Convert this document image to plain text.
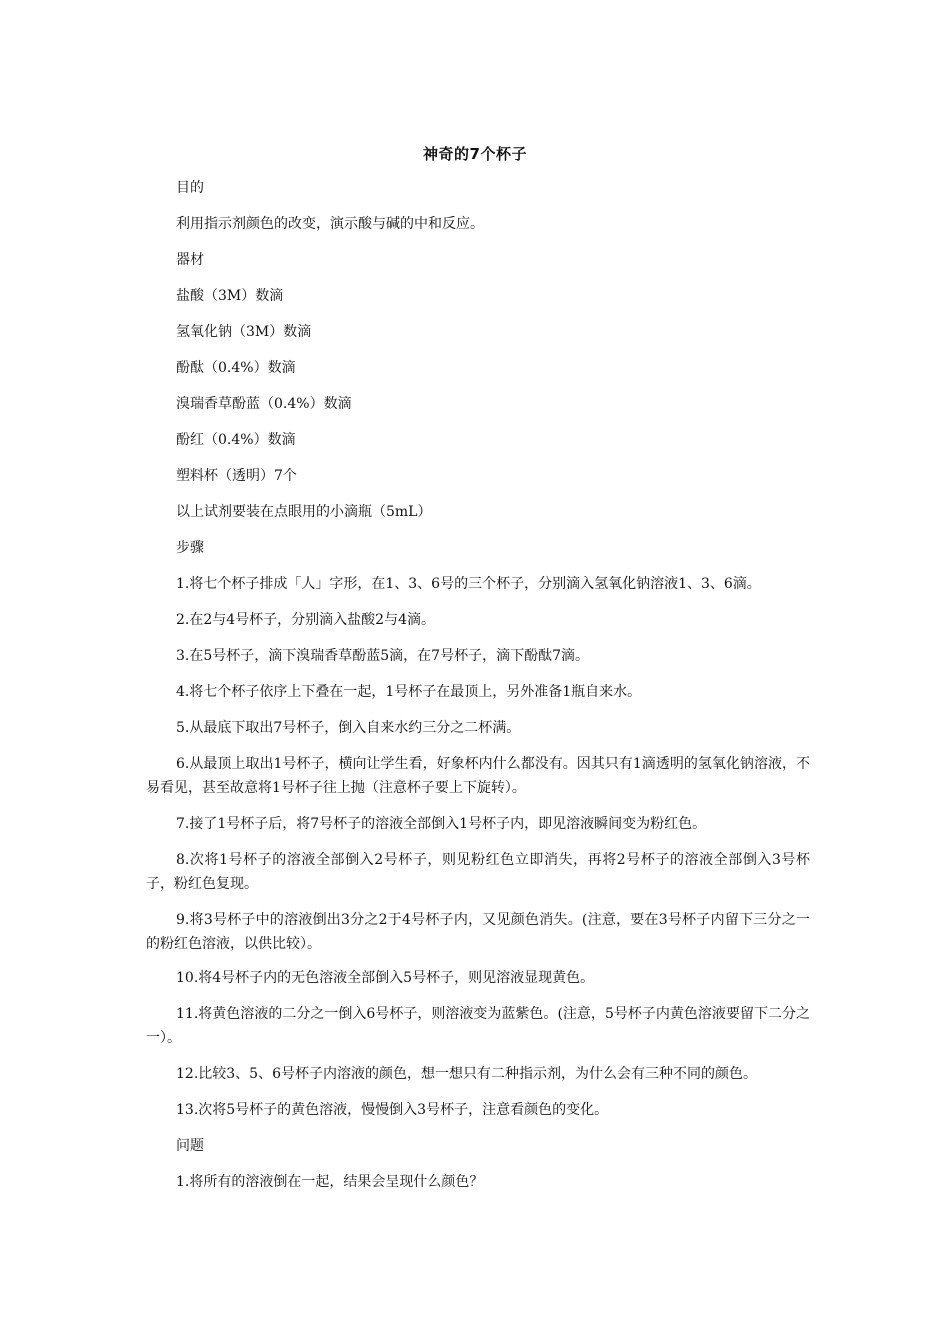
神奇的7个杯子
目的
利用指示剂颜色的改变，演示酸与碱的中和反应。
器材
盐酸（3M）数滴
氢氧化钠（3M）数滴
酚酞（0.4%）数滴
溴瑞香草酚蓝（0.4%）数滴
酚红（0.4%）数滴
塑料杯（透明）7个
以上试剂要装在点眼用的小滴瓶（5mL）
步骤
1.将七个杯子排成「人」字形，在1、3、6号的三个杯子，分别滴入氢氧化钠溶液1、3、6滴。
2.在2与4号杯子，分别滴入盐酸2与4滴。
3.在5号杯子，滴下溴瑞香草酚蓝5滴，在7号杯子，滴下酚酞7滴。
4.将七个杯子依序上下叠在一起，1号杯子在最顶上，另外准备1瓶自来水。
5.从最底下取出7号杯子，倒入自来水约三分之二杯满。
6.从最顶上取出1号杯子，横向让学生看，好象杯内什么都没有。因其只有1滴透明的氢氧化钠溶液，不易看见，甚至故意将1号杯子往上抛（注意杯子要上下旋转）。
7.接了1号杯子后，将7号杯子的溶液全部倒入1号杯子内，即见溶液瞬间变为粉红色。
8.次将1号杯子的溶液全部倒入2号杯子，则见粉红色立即消失，再将2号杯子的溶液全部倒入3号杯子，粉红色复现。
9.将3号杯子中的溶液倒出3分之2于4号杯子内，又见颜色消失。(注意，要在3号杯子内留下三分之一的粉红色溶液，以供比较）。
10.将4号杯子内的无色溶液全部倒入5号杯子，则见溶液显现黄色。
11.将黄色溶液的二分之一倒入6号杯子，则溶液变为蓝紫色。(注意，5号杯子内黄色溶液要留下二分之一）。
12.比较3、5、6号杯子内溶液的颜色，想一想只有二种指示剂，为什么会有三种不同的颜色。
13.次将5号杯子的黄色溶液，慢慢倒入3号杯子，注意看颜色的变化。
问题
1.将所有的溶液倒在一起，结果会呈现什么颜色？
